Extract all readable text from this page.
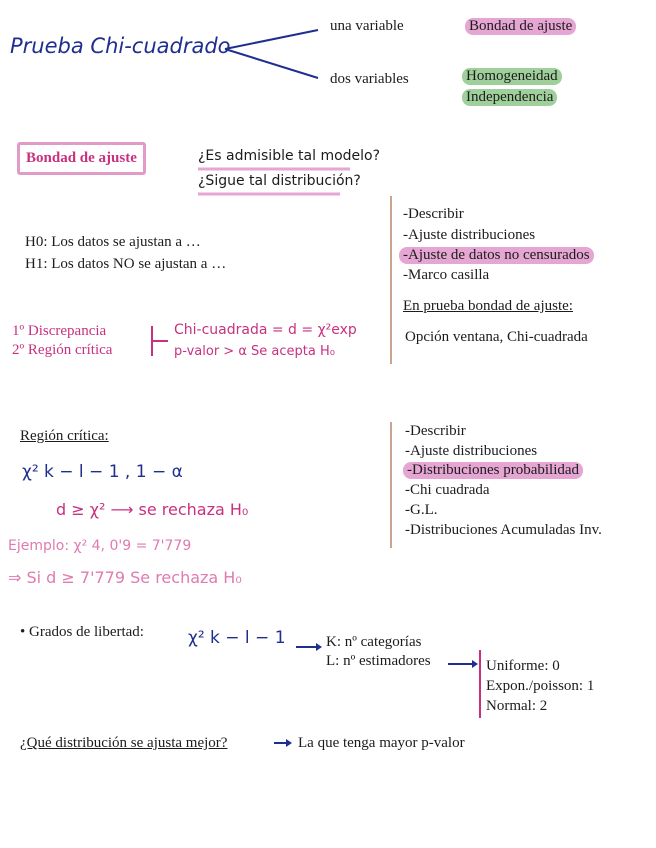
Prueba Chi-cuadrado
una variable
dos variables
Bondad de ajuste
Homogeneidad
Independencia
Bondad de ajuste	¿Es admisible tal modelo?
¿Sigue tal distribución?
H0: Los datos se ajustan a …
H1: Los datos NO se ajustan a …
-Describir
-Ajuste distribuciones
-Ajuste de datos no censurados
-Marco casilla
En prueba bondad de ajuste:
Opción ventana, Chi-cuadrada
1º Discrepancia
2º Región crítica
Chi-cuadrada = d = χ²exp
p-valor > α Se acepta H₀
Región crítica:
χ² k − l − 1 , 1 − α
d ≥ χ² ⟶ se rechaza H₀
Ejemplo: χ² 4, 0'9 = 7'779
⇒ Si d ≥ 7'779 Se rechaza H₀
-Describir
-Ajuste distribuciones
-Distribuciones probabilidad
-Chi cuadrada
-G.L.
-Distribuciones Acumuladas Inv.
• Grados de libertad:	χ² k − l − 1	K: nº categorías
L: nº estimadores	Uniforme: 0
Expon./poisson: 1
Normal: 2
¿Qué distribución se ajusta mejor?	La que tenga mayor p-valor
